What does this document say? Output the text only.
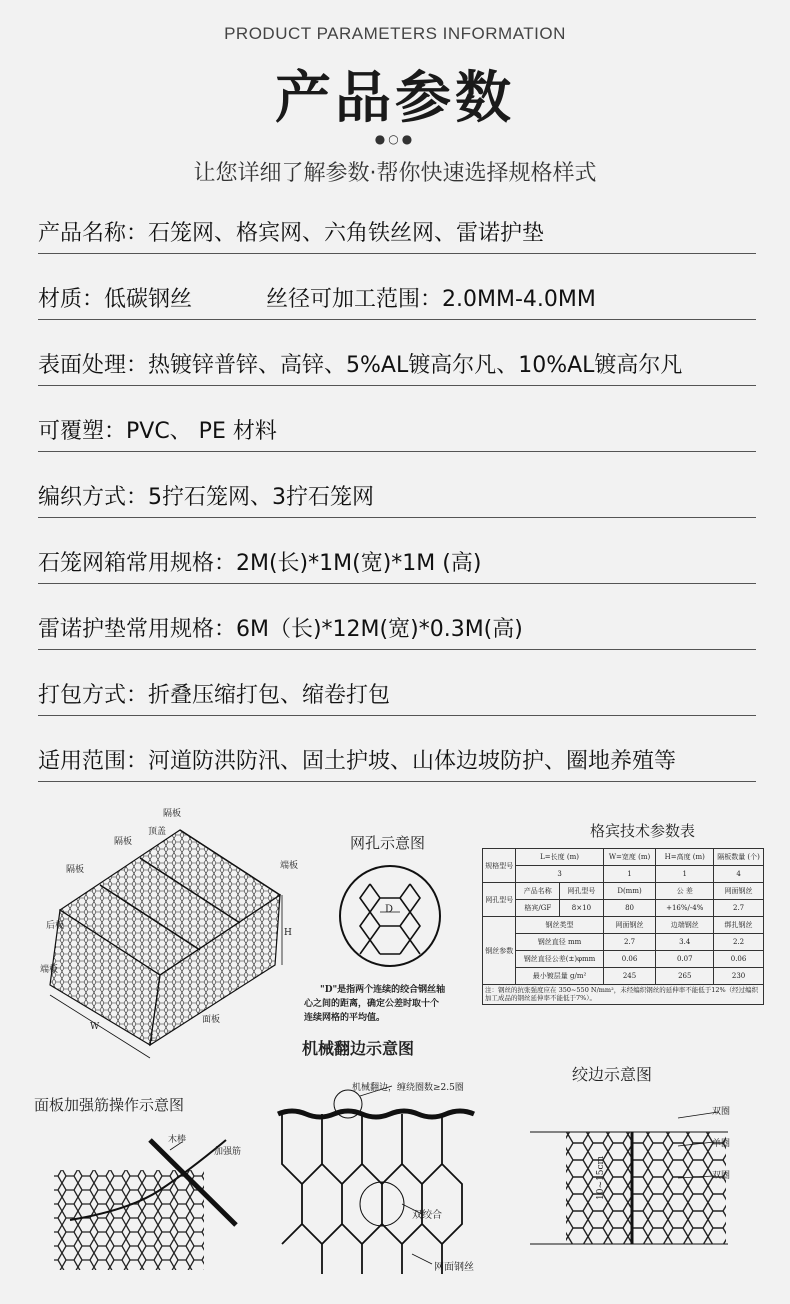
PRODUCT PARAMETERS INFORMATION
产品参数
●○●
让您详细了解参数·帮你快速选择规格样式
产品名称：石笼网、格宾网、六角铁丝网、雷诺护垫
材质：低碳钢丝	丝径可加工范围：2.0MM-4.0MM
表面处理：热镀锌普锌、高锌、5%AL镀高尔凡、10%AL镀高尔凡
可覆塑：PVC、 PE 材料
编织方式：5拧石笼网、3拧石笼网
石笼网箱常用规格：2M(长)*1M(宽)*1M (高)
雷诺护垫常用规格：6M（长)*12M(宽)*0.3M(高)
打包方式：折叠压缩打包、缩卷打包
适用范围：河道防洪防汛、固土护坡、山体边坡防护、圈地养殖等
隔板
隔板
顶盖
隔板	端板
后板
端板
面板
H
W
L
网孔示意图
D
"D"是指两个连续的绞合钢丝轴
心之间的距离，确定公差时取十个
连续网格的平均值。
格宾技术参数表
规格型号	L=长度 (m)		W=宽度 (m)	H=高度 (m)	隔板数量 (个)
	3		1	1	4
网孔型号	产品名称	网孔型号	D(mm)	公 差	网面钢丝
	格宾/GF	8×10	80	+16%/-4%	2.7
钢丝参数	钢丝类型		网面钢丝	边端钢丝	绑扎钢丝
	钢丝直径 mm		2.7	3.4	2.2
	钢丝直径公差(±)φmm		0.06	0.07	0.06
	最小镀层量 g/m²		245	265	230
注：钢丝的抗张强度应在 350~550 N/mm²，未经编织钢丝的延伸率不能低于12%（经过编织加工成品的钢丝延伸率不能低于7%）。					
机械翻边示意图
机械翻边，缠绕圈数≥2.5圈
双绞合
网面钢丝
面板加强筋操作示意图
木棒
加强筋
绞边示意图
双圈
单圈
双圈
10~15cm
